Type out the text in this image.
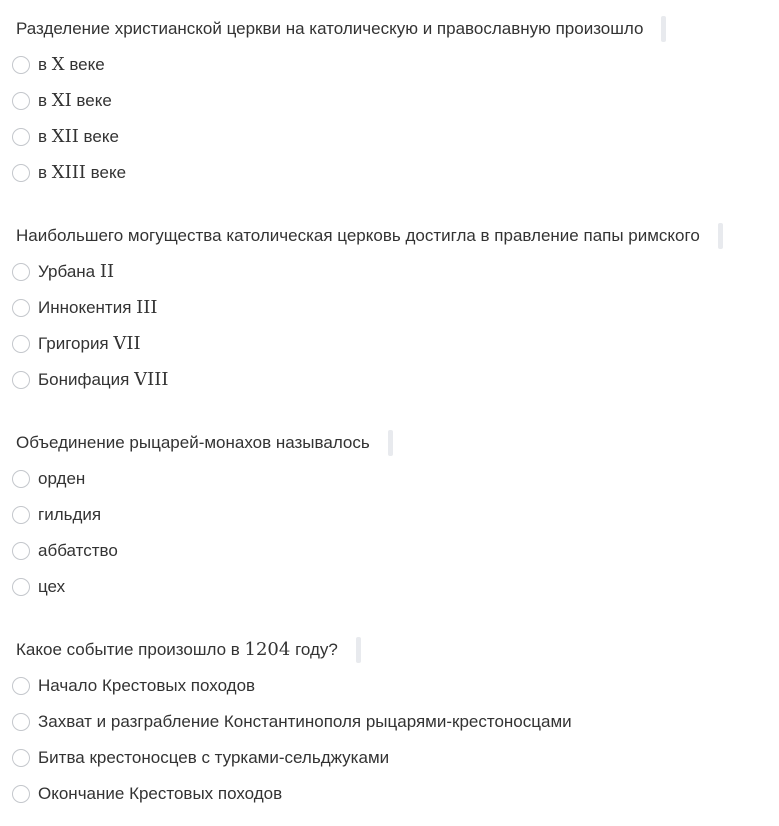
Разделение христианской церкви на католическую и православную произошло
в X веке
в XI веке
в XII веке
в XIII веке
Наибольшего могущества католическая церковь достигла в правление папы римского
Урбана II
Иннокентия III
Григория VII
Бонифация VIII
Объединение рыцарей-монахов называлось
орден
гильдия
аббатство
цех
Какое событие произошло в 1204 году?
Начало Крестовых походов
Захват и разграбление Константинополя рыцарями-крестоносцами
Битва крестоносцев с турками-сельджуками
Окончание Крестовых походов
